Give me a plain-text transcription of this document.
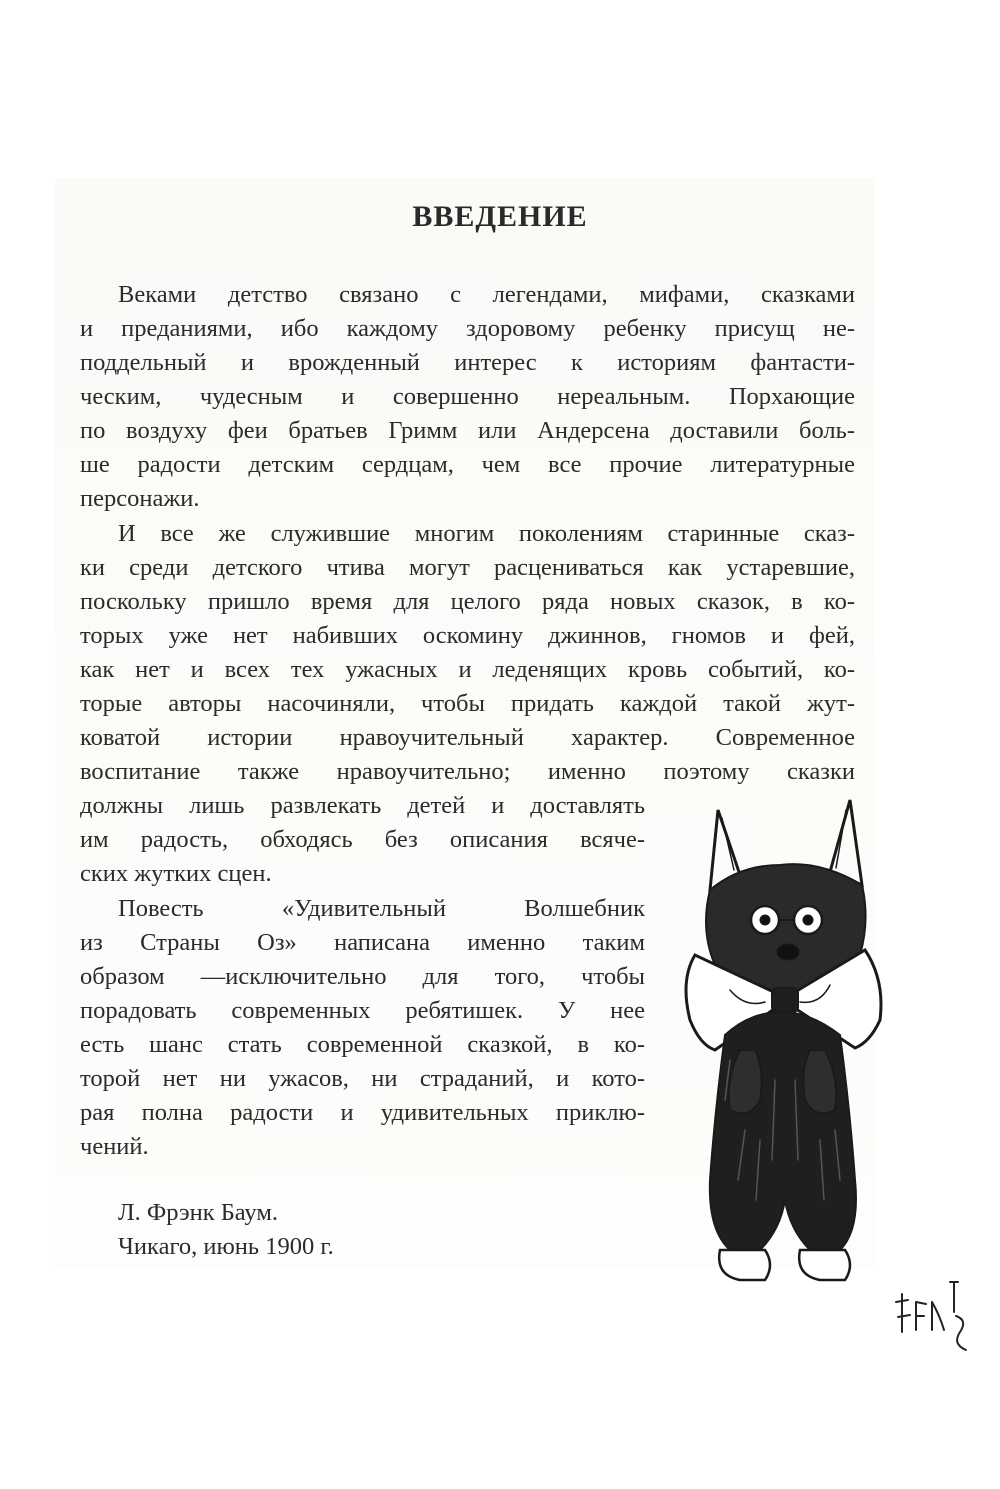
ВВЕДЕНИЕ
Веками детство связано с легендами, мифами, сказками
и преданиями, ибо каждому здоровому ребенку присущ не-
поддельный и врожденный интерес к историям фантасти-
ческим, чудесным и совершенно нереальным. Порхающие
по воздуху феи братьев Гримм или Андерсена доставили боль-
ше радости детским сердцам, чем все прочие литературные
персонажи.
И все же служившие многим поколениям старинные сказ-
ки среди детского чтива могут расцениваться как устаревшие,
поскольку пришло время для целого ряда новых сказок, в ко-
торых уже нет набивших оскомину джиннов, гномов и фей,
как нет и всех тех ужасных и леденящих кровь событий, ко-
торые авторы насочиняли, чтобы придать каждой такой жут-
коватой истории нравоучительный характер. Современное
воспитание также нравоучительно; именно поэтому сказки
должны лишь развлекать детей и доставлять
им радость, обходясь без описания всяче-
ских жутких сцен.
Повесть «Удивительный Волшебник
из Страны Оз» написана именно таким
образом —исключительно для того, чтобы
порадовать современных ребятишек. У нее
есть шанс стать современной сказкой, в ко-
торой нет ни ужасов, ни страданий, и кото-
рая полна радости и удивительных приклю-
чений.
Л. Фрэнк Баум.
Чикаго, июнь 1900 г.
